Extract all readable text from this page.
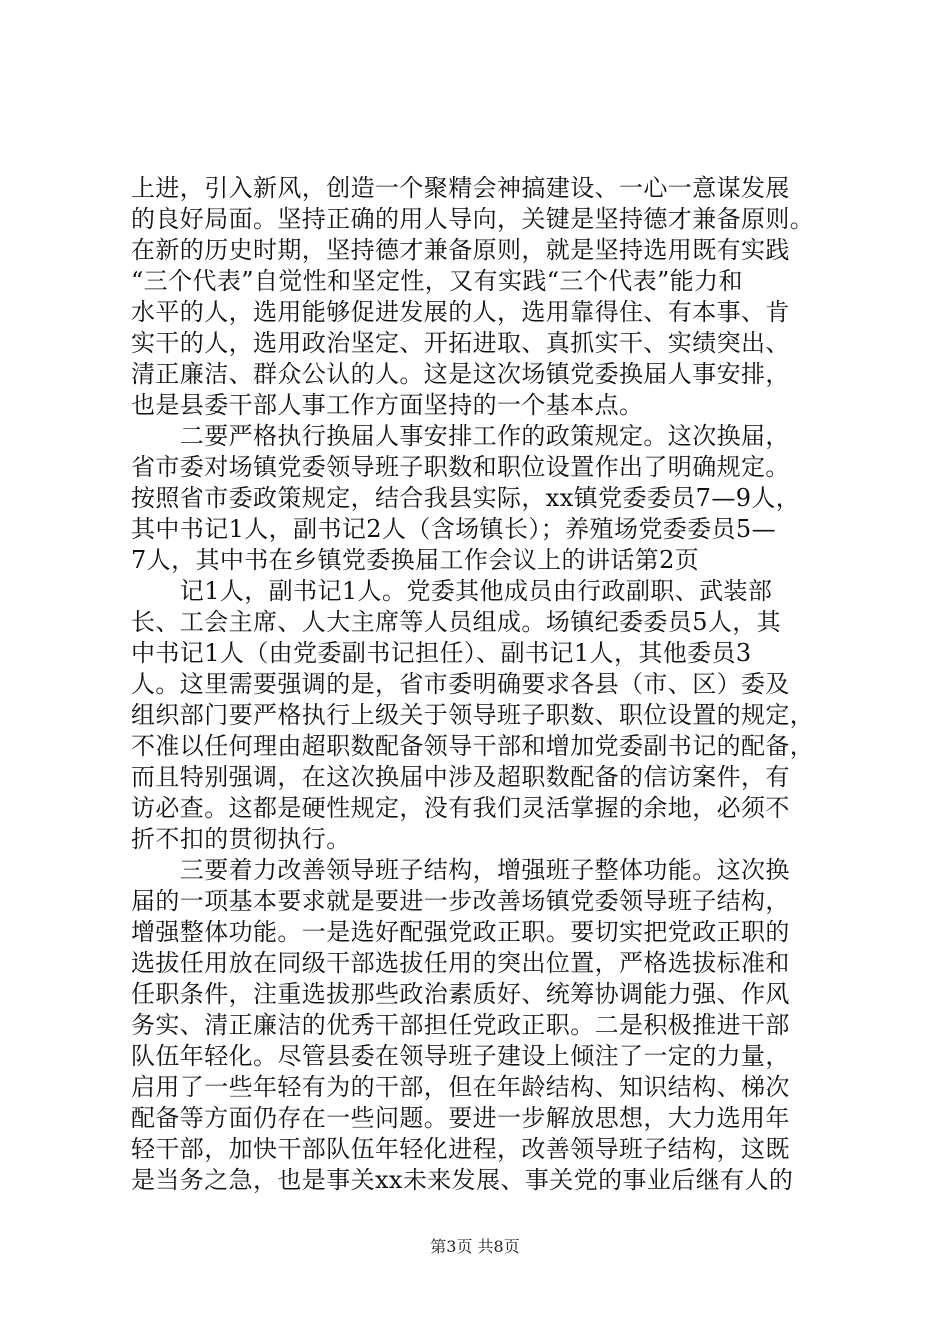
上进，引入新风，创造一个聚精会神搞建设、一心一意谋发展
的良好局面。坚持正确的用人导向，关键是坚持德才兼备原则。
在新的历史时期，坚持德才兼备原则，就是坚持选用既有实践
“三个代表”自觉性和坚定性，又有实践“三个代表”能力和
水平的人，选用能够促进发展的人，选用靠得住、有本事、肯
实干的人，选用政治坚定、开拓进取、真抓实干、实绩突出、
清正廉洁、群众公认的人。这是这次场镇党委换届人事安排，
也是县委干部人事工作方面坚持的一个基本点。
　　二要严格执行换届人事安排工作的政策规定。这次换届，
省市委对场镇党委领导班子职数和职位设置作出了明确规定。
按照省市委政策规定，结合我县实际，xx镇党委委员7—9人，
其中书记1人，副书记2人（含场镇长）；养殖场党委委员5—
7人，其中书在乡镇党委换届工作会议上的讲话第2页
　　记1人，副书记1人。党委其他成员由行政副职、武装部
长、工会主席、人大主席等人员组成。场镇纪委委员5人，其
中书记1人（由党委副书记担任）、副书记1人，其他委员3
人。这里需要强调的是，省市委明确要求各县（市、区）委及
组织部门要严格执行上级关于领导班子职数、职位设置的规定，
不准以任何理由超职数配备领导干部和增加党委副书记的配备，
而且特别强调，在这次换届中涉及超职数配备的信访案件，有
访必查。这都是硬性规定，没有我们灵活掌握的余地，必须不
折不扣的贯彻执行。
　　三要着力改善领导班子结构，增强班子整体功能。这次换
届的一项基本要求就是要进一步改善场镇党委领导班子结构，
增强整体功能。一是选好配强党政正职。要切实把党政正职的
选拔任用放在同级干部选拔任用的突出位置，严格选拔标准和
任职条件，注重选拔那些政治素质好、统筹协调能力强、作风
务实、清正廉洁的优秀干部担任党政正职。二是积极推进干部
队伍年轻化。尽管县委在领导班子建设上倾注了一定的力量，
启用了一些年轻有为的干部，但在年龄结构、知识结构、梯次
配备等方面仍存在一些问题。要进一步解放思想，大力选用年
轻干部，加快干部队伍年轻化进程，改善领导班子结构，这既
是当务之急，也是事关xx未来发展、事关党的事业后继有人的
第3页 共8页
